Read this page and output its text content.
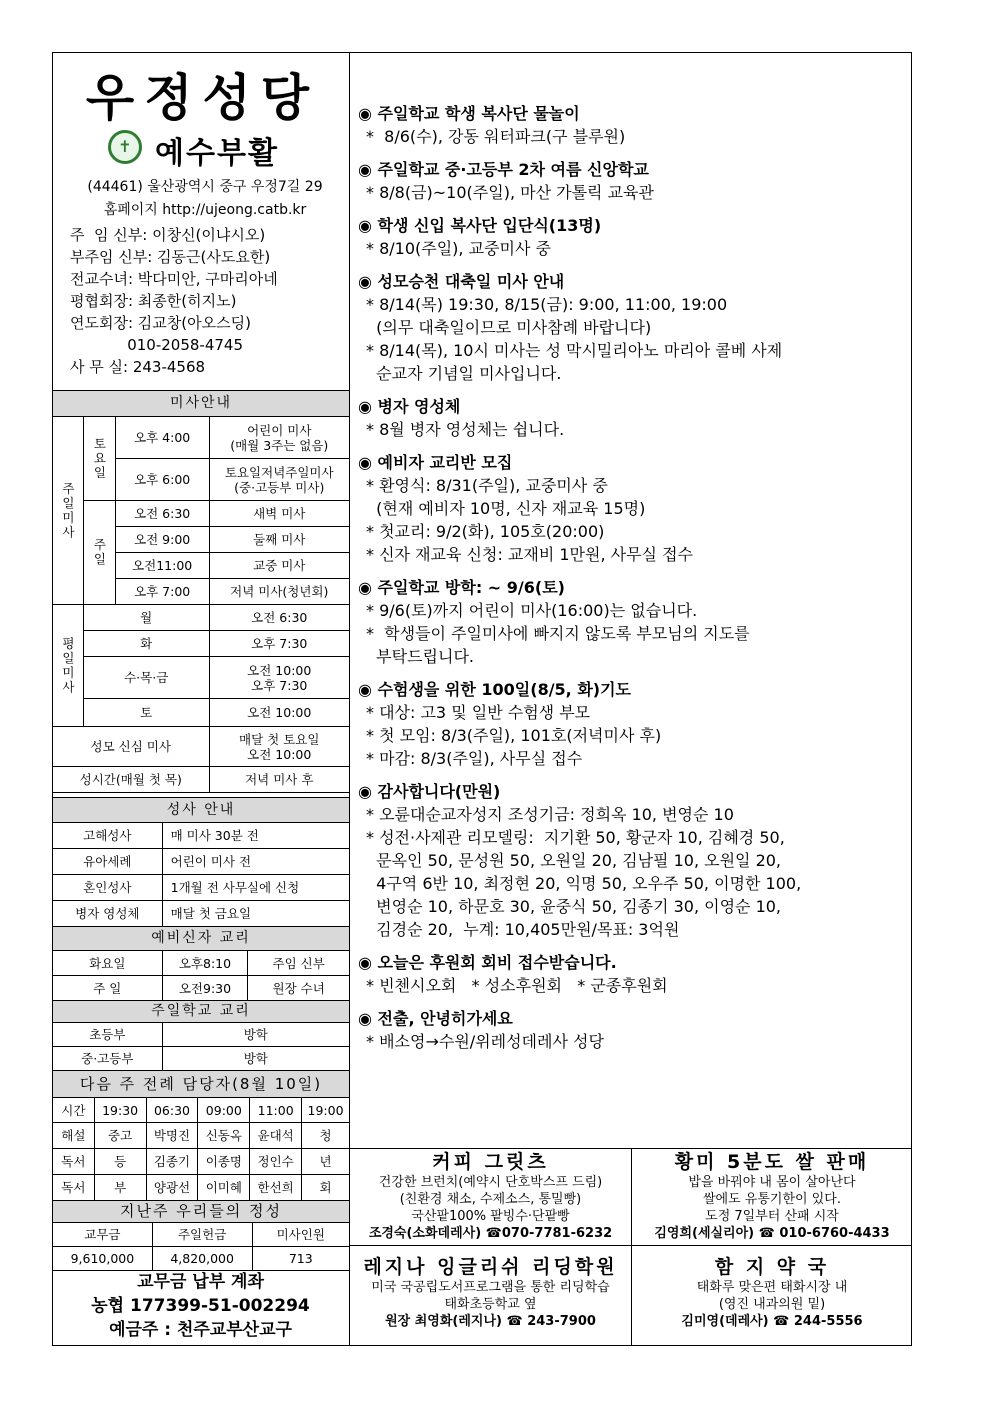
우정성당
✝ 예수부활
(44461) 울산광역시 중구 우정7길 29
홈페이지 http://ujeong.catb.kr
주  임 신부: 이창신(이냐시오)
부주임 신부: 김동근(사도요한)
전교수녀: 박다미안, 구마리아네
평협회장: 최종한(히지노)
연도회장: 김교창(아오스딩)
010-2058-4745
사 무 실: 243-4568
미사안내			
주일미사	토요일	오후 4:00	어린이 미사
(매월 3주는 없음)
		오후 6:00	토요일저녁주일미사
(중·고등부 미사)
	주일	오전 6:30	새벽 미사
		오전 9:00	둘째 미사
		오전11:00	교중 미사
		오후 7:00	저녁 미사(청년회)
평일미사	월		오전 6:30
	화		오후 7:30
	수·목·금		오전 10:00
오후 7:30
	토		오전 10:00
성모 신심 미사			매달 첫 토요일
오전 10:00
성시간(매월 첫 목)			저녁 미사 후
성사 안내	
고해성사	매 미사 30분 전
유아세례	어린이 미사 전
혼인성사	1개월 전 사무실에 신청
병자 영성체	매달 첫 금요일
예비신자 교리		
화요일	오후8:10	주임 신부
주 일	오전9:30	원장 수녀
주일학교 교리	
초등부	방학
중·고등부	방학
다음 주 전례 담당자(8월 10일)					
시간	19:30	06:30	09:00	11:00	19:00
해설	중고	박명진	신동옥	윤대석	청
독서	등	김종기	이종명	정인수	년
독서	부	양광선	이미혜	한선희	회
지난주 우리들의 정성		
교무금	주일헌금	미사인원
9,610,000	4,820,000	713
교무금 납부 계좌
농협 177399-51-002294
예금주 : 천주교부산교구
◉ 주일학교 학생 복사단 물놀이
*  8/6(수), 강동 워터파크(구 블루원)
◉ 주일학교 중·고등부 2차 여름 신앙학교
* 8/8(금)~10(주일), 마산 가톨릭 교육관
◉ 학생 신입 복사단 입단식(13명)
* 8/10(주일), 교중미사 중
◉ 성모승천 대축일 미사 안내
* 8/14(목) 19:30, 8/15(금): 9:00, 11:00, 19:00
(의무 대축일이므로 미사참례 바랍니다)
* 8/14(목), 10시 미사는 성 막시밀리아노 마리아 콜베 사제
순교자 기념일 미사입니다.
◉ 병자 영성체
* 8월 병자 영성체는 쉽니다.
◉ 예비자 교리반 모집
* 환영식: 8/31(주일), 교중미사 중
(현재 예비자 10명, 신자 재교육 15명)
* 첫교리: 9/2(화), 105호(20:00)
* 신자 재교육 신청: 교재비 1만원, 사무실 접수
◉ 주일학교 방학: ~ 9/6(토)
* 9/6(토)까지 어린이 미사(16:00)는 없습니다.
*  학생들이 주일미사에 빠지지 않도록 부모님의 지도를
부탁드립니다.
◉ 수험생을 위한 100일(8/5, 화)기도
* 대상: 고3 및 일반 수험생 부모
* 첫 모임: 8/3(주일), 101호(저녁미사 후)
* 마감: 8/3(주일), 사무실 접수
◉ 감사합니다(만원)
* 오륜대순교자성지 조성기금: 정희옥 10, 변영순 10
* 성전·사제관 리모델링:  지기환 50, 황군자 10, 김혜경 50,
문옥인 50, 문성원 50, 오원일 20, 김남필 10, 오원일 20,
4구역 6반 10, 최정현 20, 익명 50, 오우주 50, 이명한 100,
변영순 10, 하문호 30, 윤중식 50, 김종기 30, 이영순 10,
김경순 20,  누계: 10,405만원/목표: 3억원
◉ 오늘은 후원회 회비 접수받습니다.
* 빈첸시오회   * 성소후원회   * 군종후원회
◉ 전출, 안녕히가세요
* 배소영→수원/위레성데레사 성당
커피 그릿츠
건강한 브런치(예약시 단호박스프 드림)
(친환경 채소, 수제소스, 통밀빵)
국산팥100% 팥빙수·단팥빵
조경숙(소화데레사) ☎070-7781-6232
황미 5분도 쌀 판매
밥을 바꿔야 내 몸이 살아난다
쌀에도 유통기한이 있다.
도정 7일부터 산패 시작
김영희(세실리아) ☎ 010-6760-4433
레지나 잉글리쉬 리딩학원
미국 국공립도서프로그램을 통한 리딩학습
태화초등학교 옆
원장 최영화(레지나) ☎ 243-7900
함 지 약 국
태화루 맞은편 태화시장 내
(영진 내과의원 밑)
김미영(데레사) ☎ 244-5556
